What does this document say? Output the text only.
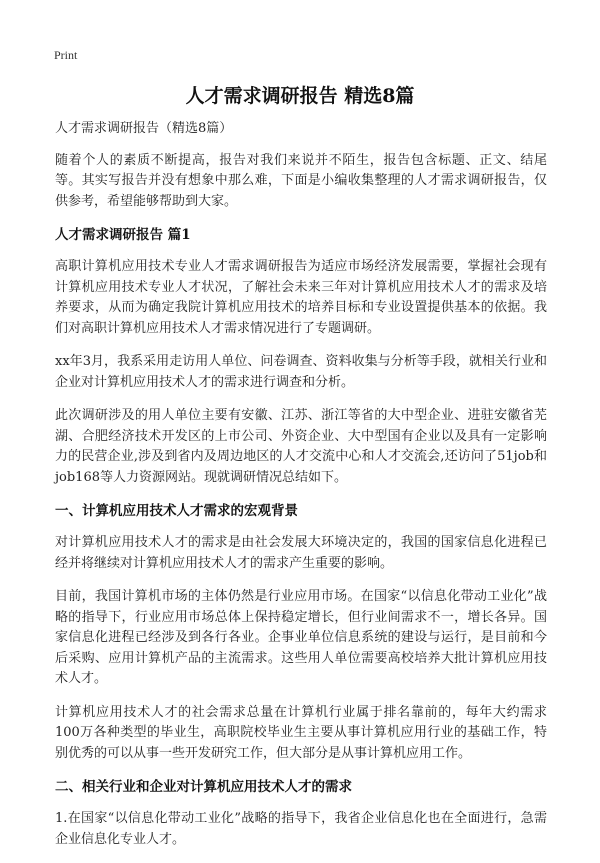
Print
人才需求调研报告 精选8篇

人才需求调研报告（精选8篇）

随着个人的素质不断提高，报告对我们来说并不陌生，报告包含标题、正文、结尾等。其实写报告并没有想象中那么难，下面是小编收集整理的人才需求调研报告，仅供参考，希望能够帮助到大家。

人才需求调研报告 篇1

高职计算机应用技术专业人才需求调研报告为适应市场经济发展需要，掌握社会现有计算机应用技术专业人才状况，了解社会未来三年对计算机应用技术人才的需求及培养要求，从而为确定我院计算机应用技术的培养目标和专业设置提供基本的依据。我们对高职计算机应用技术人才需求情况进行了专题调研。

xx年3月，我系采用走访用人单位、问卷调查、资料收集与分析等手段，就相关行业和企业对计算机应用技术人才的需求进行调查和分析。

此次调研涉及的用人单位主要有安徽、江苏、浙江等省的大中型企业、进驻安徽省芜湖、合肥经济技术开发区的上市公司、外资企业、大中型国有企业以及具有一定影响力的民营企业,涉及到省内及周边地区的人才交流中心和人才交流会,还访问了51job和job168等人力资源网站。现就调研情况总结如下。

一、计算机应用技术人才需求的宏观背景

对计算机应用技术人才的需求是由社会发展大环境决定的，我国的国家信息化进程已经并将继续对计算机应用技术人才的需求产生重要的影响。

目前，我国计算机市场的主体仍然是行业应用市场。在国家“以信息化带动工业化”战略的指导下，行业应用市场总体上保持稳定增长，但行业间需求不一，增长各异。国家信息化进程已经涉及到各行各业。企事业单位信息系统的建设与运行，是目前和今后采购、应用计算机产品的主流需求。这些用人单位需要高校培养大批计算机应用技术人才。

计算机应用技术人才的社会需求总量在计算机行业属于排名靠前的，每年大约需求100万各种类型的毕业生，高职院校毕业生主要从事计算机应用行业的基础工作，特别优秀的可以从事一些开发研究工作，但大部分是从事计算机应用工作。

二、相关行业和企业对计算机应用技术人才的需求

1.在国家“以信息化带动工业化”战略的指导下，我省企业信息化也在全面进行，急需企业信息化专业人才。
